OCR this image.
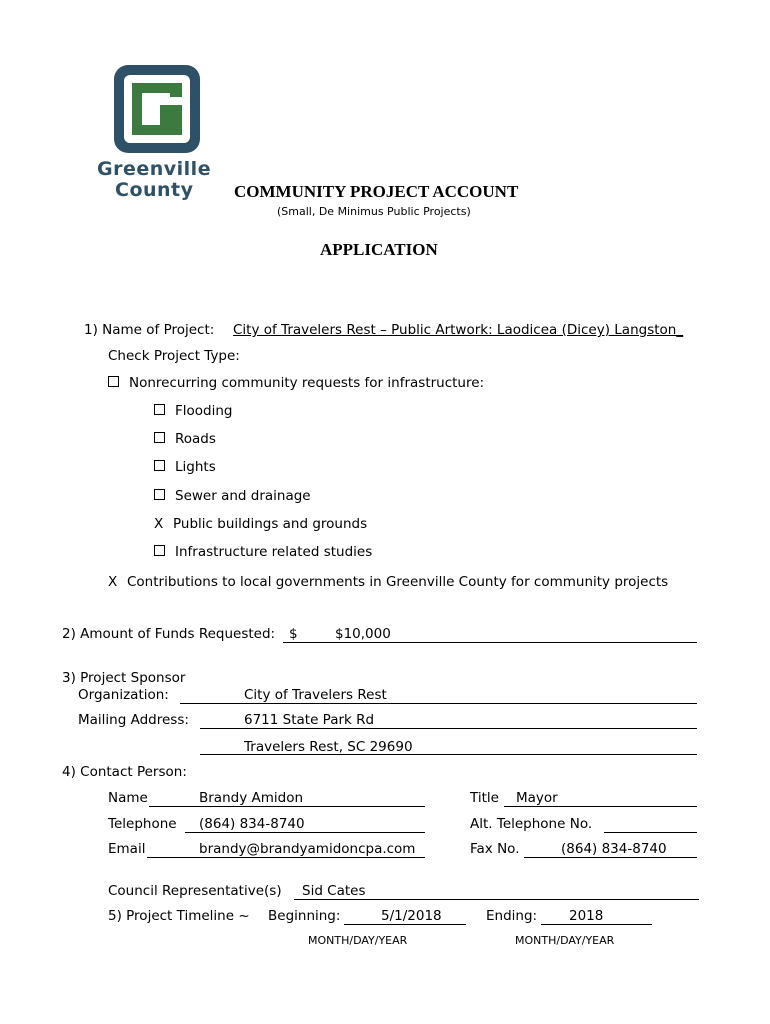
Greenville
County COMMUNITY PROJECT ACCOUNT
(Small, De Minimus Public Projects)
APPLICATION
1) Name of Project: City of Travelers Rest – Public Artwork: Laodicea (Dicey) Langston_
Check Project Type:
Nonrecurring community requests for infrastructure:
Flooding
Roads
Lights
Sewer and drainage
X Public buildings and grounds
Infrastructure related studies
X Contributions to local governments in Greenville County for community projects
2) Amount of Funds Requested: $	$10,000
3) Project Sponsor
Organization:	City of Travelers Rest
Mailing Address:	6711 State Park Rd
Travelers Rest, SC 29690
4) Contact Person:
Name	Brandy Amidon	Title Mayor
Telephone (864) 834-8740	Alt. Telephone No.
Email	brandy@brandyamidoncpa.com	Fax No.	(864) 834-8740
Council Representative(s) Sid Cates
5) Project Timeline ~ Beginning:	5/1/2018	Ending: 2018
MONTH/DAY/YEAR	MONTH/DAY/YEAR
